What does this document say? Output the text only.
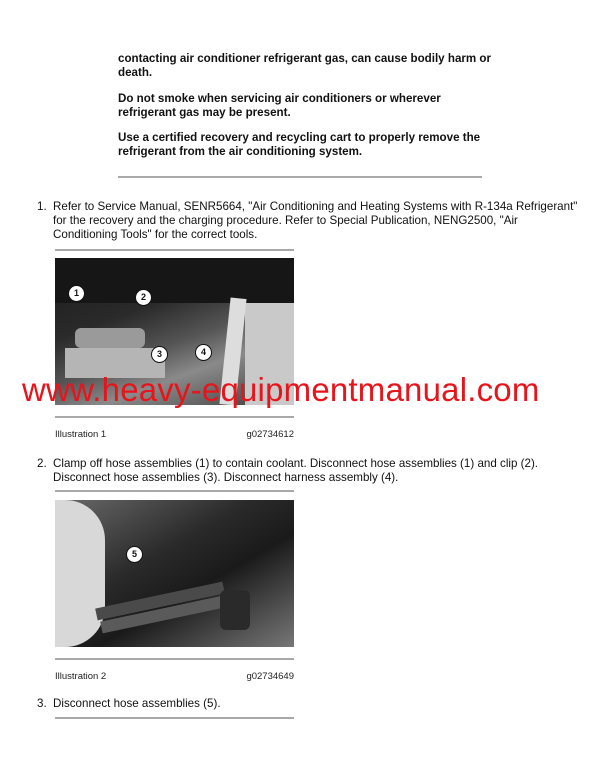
contacting air conditioner refrigerant gas, can cause bodily harm or death.
Do not smoke when servicing air conditioners or wherever refrigerant gas may be present.
Use a certified recovery and recycling cart to properly remove the refrigerant from the air conditioning system.
1. Refer to Service Manual, SENR5664, "Air Conditioning and Heating Systems with R-134a Refrigerant" for the recovery and the charging procedure. Refer to Special Publication, NENG2500, "Air Conditioning Tools" for the correct tools.
1	2
3	4
Illustration 1	g02734612
2. Clamp off hose assemblies (1) to contain coolant. Disconnect hose assemblies (1) and clip (2). Disconnect hose assemblies (3). Disconnect harness assembly (4).
5
Illustration 2	g02734649
3. Disconnect hose assemblies (5).
www.heavy-equipmentmanual.com
